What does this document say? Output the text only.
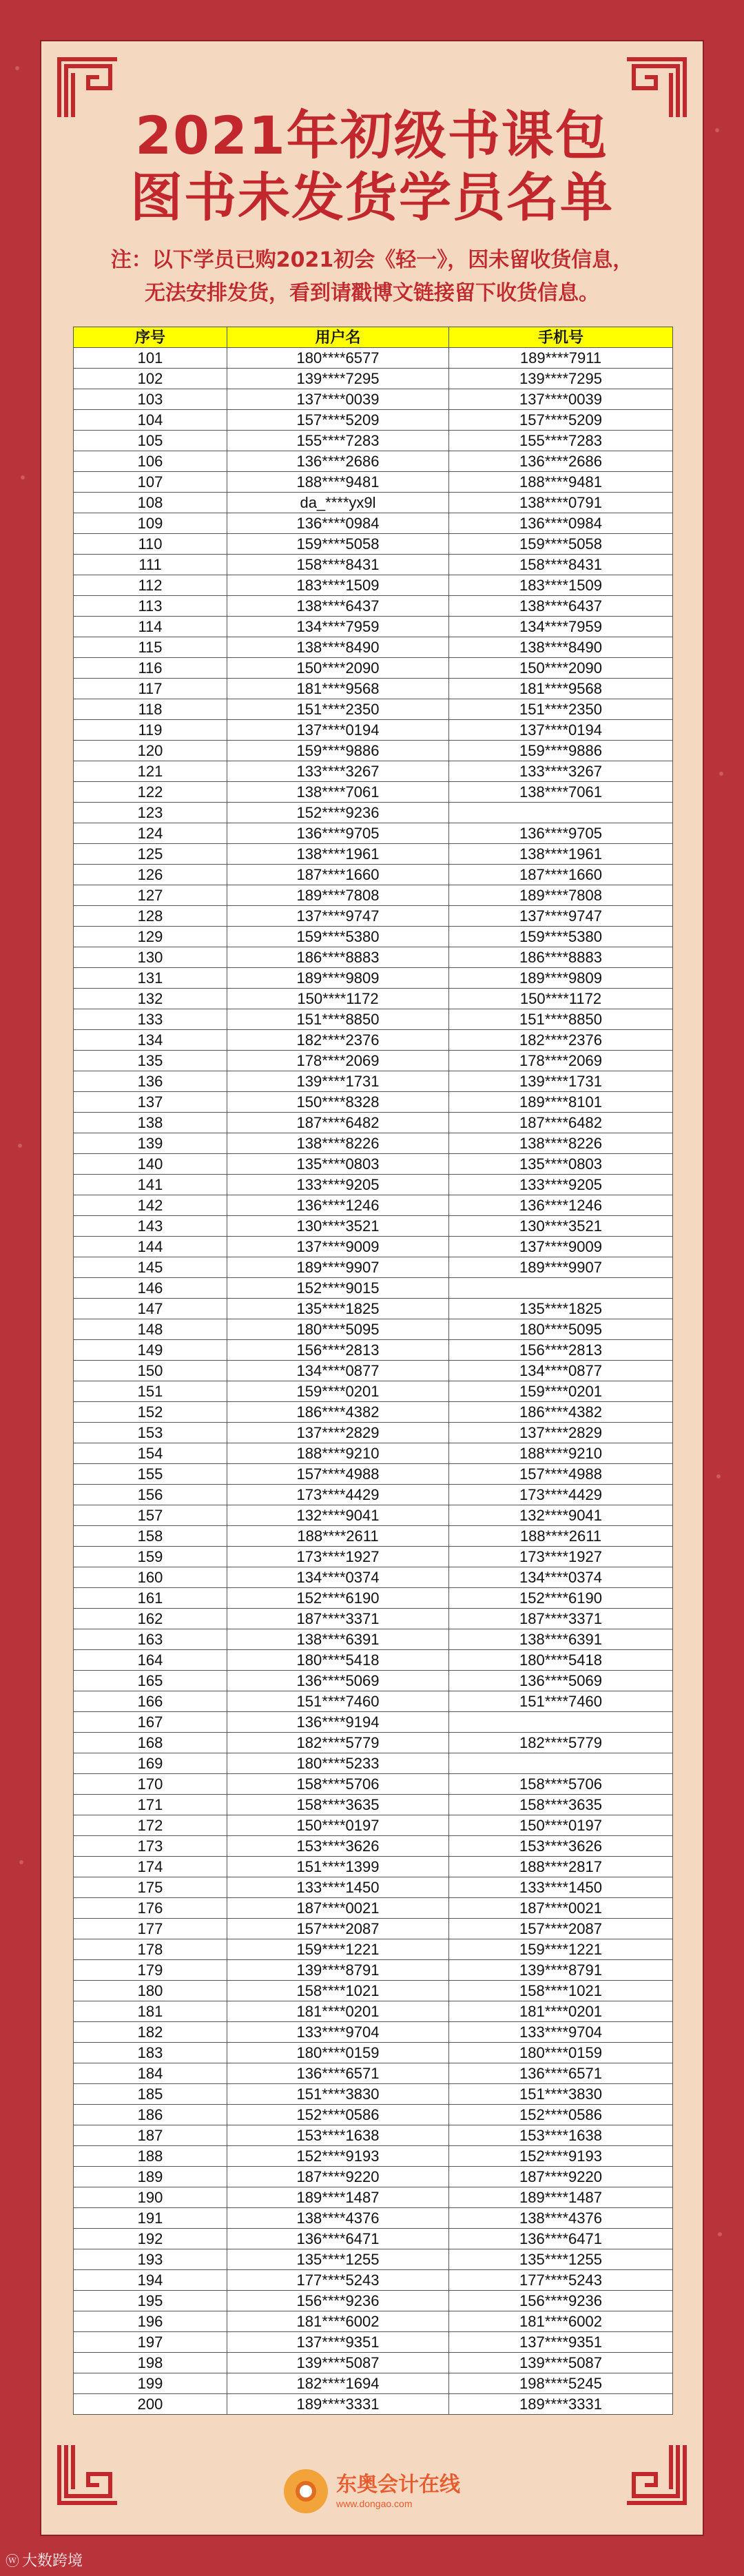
2021年初级书课包
图书未发货学员名单
注：以下学员已购2021初会《轻一》，因未留收货信息，
无法安排发货，看到请戳博文链接留下收货信息。
序号	用户名	手机号
101	180****6577	189****7911
102	139****7295	139****7295
103	137****0039	137****0039
104	157****5209	157****5209
105	155****7283	155****7283
106	136****2686	136****2686
107	188****9481	188****9481
108	da_****yx9l	138****0791
109	136****0984	136****0984
110	159****5058	159****5058
111	158****8431	158****8431
112	183****1509	183****1509
113	138****6437	138****6437
114	134****7959	134****7959
115	138****8490	138****8490
116	150****2090	150****2090
117	181****9568	181****9568
118	151****2350	151****2350
119	137****0194	137****0194
120	159****9886	159****9886
121	133****3267	133****3267
122	138****7061	138****7061
123	152****9236	
124	136****9705	136****9705
125	138****1961	138****1961
126	187****1660	187****1660
127	189****7808	189****7808
128	137****9747	137****9747
129	159****5380	159****5380
130	186****8883	186****8883
131	189****9809	189****9809
132	150****1172	150****1172
133	151****8850	151****8850
134	182****2376	182****2376
135	178****2069	178****2069
136	139****1731	139****1731
137	150****8328	189****8101
138	187****6482	187****6482
139	138****8226	138****8226
140	135****0803	135****0803
141	133****9205	133****9205
142	136****1246	136****1246
143	130****3521	130****3521
144	137****9009	137****9009
145	189****9907	189****9907
146	152****9015	
147	135****1825	135****1825
148	180****5095	180****5095
149	156****2813	156****2813
150	134****0877	134****0877
151	159****0201	159****0201
152	186****4382	186****4382
153	137****2829	137****2829
154	188****9210	188****9210
155	157****4988	157****4988
156	173****4429	173****4429
157	132****9041	132****9041
158	188****2611	188****2611
159	173****1927	173****1927
160	134****0374	134****0374
161	152****6190	152****6190
162	187****3371	187****3371
163	138****6391	138****6391
164	180****5418	180****5418
165	136****5069	136****5069
166	151****7460	151****7460
167	136****9194	
168	182****5779	182****5779
169	180****5233	
170	158****5706	158****5706
171	158****3635	158****3635
172	150****0197	150****0197
173	153****3626	153****3626
174	151****1399	188****2817
175	133****1450	133****1450
176	187****0021	187****0021
177	157****2087	157****2087
178	159****1221	159****1221
179	139****8791	139****8791
180	158****1021	158****1021
181	181****0201	181****0201
182	133****9704	133****9704
183	180****0159	180****0159
184	136****6571	136****6571
185	151****3830	151****3830
186	152****0586	152****0586
187	153****1638	153****1638
188	152****9193	152****9193
189	187****9220	187****9220
190	189****1487	189****1487
191	138****4376	138****4376
192	136****6471	136****6471
193	135****1255	135****1255
194	177****5243	177****5243
195	156****9236	156****9236
196	181****6002	181****6002
197	137****9351	137****9351
198	139****5087	139****5087
199	182****1694	198****5245
200	189****3331	189****3331
东奥会计在线
www.dongao.com
ⓦ 大数跨境
